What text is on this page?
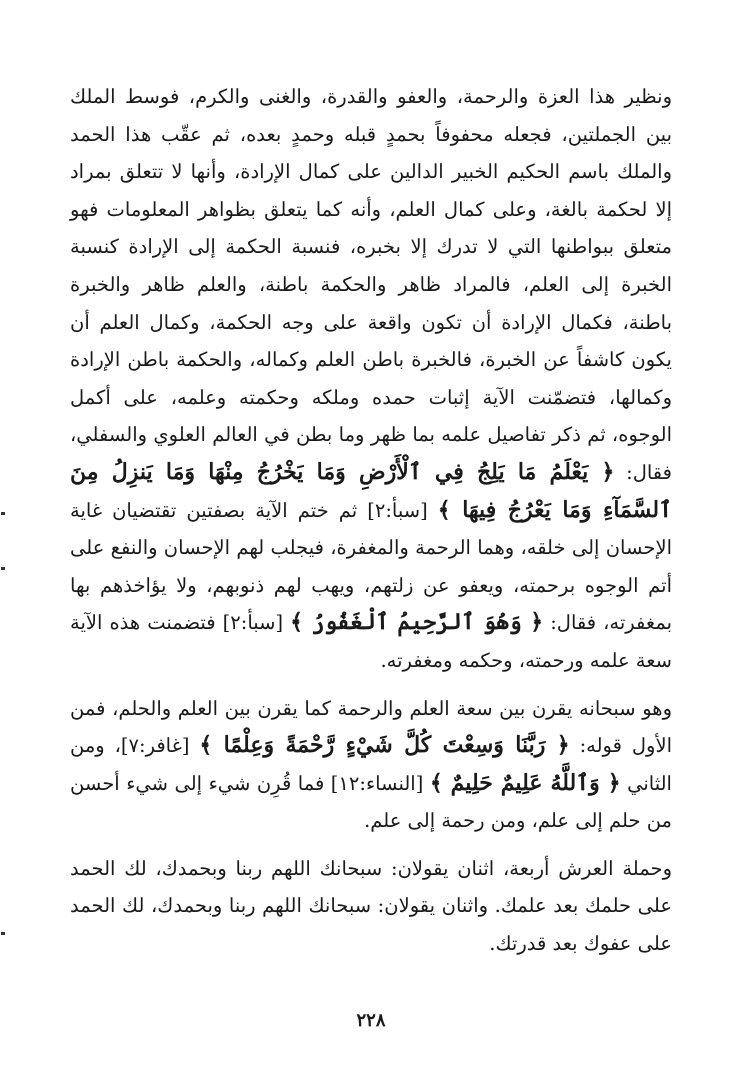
ونظير هذا العزة والرحمة، والعفو والقدرة، والغنى والكرم، فوسط الملك بين الجملتين، فجعله محفوفاً بحمدٍ قبله وحمدٍ بعده، ثم عقّب هذا الحمد والملك باسم الحكيم الخبير الدالين على كمال الإرادة، وأنها لا تتعلق بمراد إلا لحكمة بالغة، وعلى كمال العلم، وأنه كما يتعلق بظواهر المعلومات فهو متعلق ببواطنها التي لا تدرك إلا بخبره، فنسبة الحكمة إلى الإرادة كنسبة الخبرة إلى العلم، فالمراد ظاهر والحكمة باطنة، والعلم ظاهر والخبرة باطنة، فكمال الإرادة أن تكون واقعة على وجه الحكمة، وكمال العلم أن يكون كاشفاً عن الخبرة، فالخبرة باطن العلم وكماله، والحكمة باطن الإرادة وكمالها، فتضمّنت الآية إثبات حمده وملكه وحكمته وعلمه، على أكمل الوجوه، ثم ذكر تفاصيل علمه بما ظهر وما بطن في العالم العلوي والسفلي، فقال: ﴿ يَعْلَمُ مَا يَلِجُ فِي ٱلْأَرْضِ وَمَا يَخْرُجُ مِنْهَا وَمَا يَنزِلُ مِنَ ٱلسَّمَآءِ وَمَا يَعْرُجُ فِيهَا ﴾ [سبأ:٢] ثم ختم الآية بصفتين تقتضيان غاية الإحسان إلى خلقه، وهما الرحمة والمغفرة، فيجلب لهم الإحسان والنفع على أتم الوجوه برحمته، ويعفو عن زلتهم، ويهب لهم ذنوبهم، ولا يؤاخذهم بها بمغفرته، فقال: ﴿ وَهُوَ ٱلرَّحِيمُ ٱلْغَفُورُ ﴾ [سبأ:٢] فتضمنت هذه الآية سعة علمه ورحمته، وحكمه ومغفرته.

وهو سبحانه يقرن بين سعة العلم والرحمة كما يقرن بين العلم والحلم، فمن الأول قوله: ﴿ رَبَّنَا وَسِعْتَ كُلَّ شَيْءٍ رَّحْمَةً وَعِلْمًا ﴾ [غافر:٧]، ومن الثاني ﴿ وَٱللَّهُ عَلِيمٌ حَلِيمٌ ﴾ [النساء:١٢] فما قُرِن شيء إلى شيء أحسن من حلم إلى علم، ومن رحمة إلى علم.

وحملة العرش أربعة، اثنان يقولان: سبحانك اللهم ربنا وبحمدك، لك الحمد على حلمك بعد علمك. واثنان يقولان: سبحانك اللهم ربنا وبحمدك، لك الحمد على عفوك بعد قدرتك.

٢٢٨
